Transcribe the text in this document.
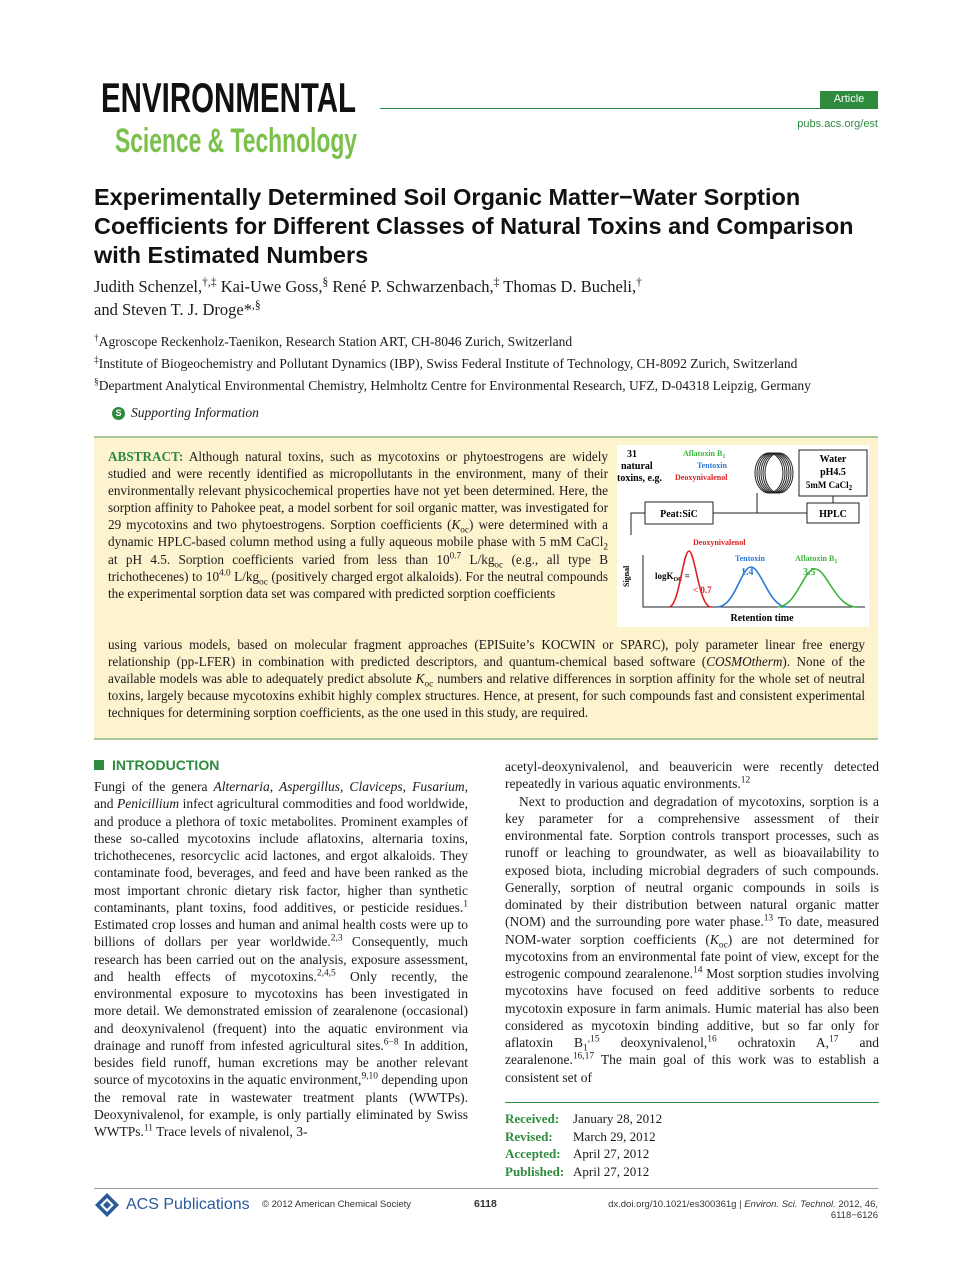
ENVIRONMENTAL
Science & Technology
Article
pubs.acs.org/est
Experimentally Determined Soil Organic Matter−Water Sorption Coefficients for Different Classes of Natural Toxins and Comparison with Estimated Numbers
Judith Schenzel,†,‡ Kai-Uwe Goss,§ René P. Schwarzenbach,‡ Thomas D. Bucheli,†
and Steven T. J. Droge*,§
†Agroscope Reckenholz-Taenikon, Research Station ART, CH-8046 Zurich, Switzerland
‡Institute of Biogeochemistry and Pollutant Dynamics (IBP), Swiss Federal Institute of Technology, CH-8092 Zurich, Switzerland
§Department Analytical Environmental Chemistry, Helmholtz Centre for Environmental Research, UFZ, D-04318 Leipzig, Germany
S Supporting Information
ABSTRACT: Although natural toxins, such as mycotoxins or phytoestrogens are widely studied and were recently identified as micropollutants in the environment, many of their environmentally relevant physicochemical properties have not yet been determined. Here, the sorption affinity to Pahokee peat, a model sorbent for soil organic matter, was investigated for 29 mycotoxins and two phytoestrogens. Sorption coefficients $(K_{oc})$ were determined with a dynamic HPLC-based column method using a fully aqueous mobile phase with 5 mM CaCl$_2$ at pH 4.5. Sorption coefficients varied from less than $10^{0.7}$ $L/kg_{oc}$ (e.g., all type B trichothecenes) to $10^{4.0}$ $L/kg_{oc}$ (positively charged ergot alkaloids). For the neutral compounds the experimental sorption data set was compared with predicted sorption coefficients
using various models, based on molecular fragment approaches (EPISuite’s KOCWIN or SPARC), poly parameter linear free energy relationship (pp-LFER) in combination with predicted descriptors, and quantum-chemical based software (COSMOtherm). None of the available models was able to adequately predict absolute $K_{oc}$ numbers and relative differences in sorption affinity for the whole set of neutral toxins, largely because mycotoxins exhibit highly complex structures. Hence, at present, for such compounds fast and consistent experimental techniques for determining sorption coefficients, as the one used in this study, are required.
31
natural
toxins, e.g.
Aflatoxin $B_1$
Tentoxin
Deoxynivalenol
Water
pH4.5
5mM CaCl$_2$
Peat:SiC	HPLC
Signal	logK$_{OC}$ =
Deoxynivalenol
Tentoxin	Aflatoxin $B_1$
< 0.7
1.4	3.5
Retention time
INTRODUCTION
Fungi of the genera Alternaria, Aspergillus, Claviceps, Fusarium, and Penicillium infect agricultural commodities and food worldwide, and produce a plethora of toxic metabolites. Prominent examples of these so-called mycotoxins include aflatoxins, alternaria toxins, trichothecenes, resorcyclic acid lactones, and ergot alkaloids. They contaminate food, beverages, and feed and have been ranked as the most important chronic dietary risk factor, higher than synthetic contaminants, plant toxins, food additives, or pesticide residues.$^1$ Estimated crop losses and human and animal health costs were up to billions of dollars per year worldwide.$^{2,3}$ Consequently, much research has been carried out on the analysis, exposure assessment, and health effects of mycotoxins.$^{2,4,5}$ Only recently, the environmental exposure to mycotoxins has been investigated in more detail. We demonstrated emission of zearalenone (occasional) and deoxynivalenol (frequent) into the aquatic environment via drainage and runoff from infested agricultural sites.$^{6-8}$ In addition, besides field runoff, human excretions may be another relevant source of mycotoxins in the aquatic environment,$^{9,10}$ depending upon the removal rate in wastewater treatment plants (WWTPs). Deoxynivalenol, for example, is only partially eliminated by Swiss WWTPs.$^{11}$ Trace levels of nivalenol, 3-
acetyl-deoxynivalenol, and beauvericin were recently detected repeatedly in various aquatic environments.$^{12}$
Next to production and degradation of mycotoxins, sorption is a key parameter for a comprehensive assessment of their environmental fate. Sorption controls transport processes, such as runoff or leaching to groundwater, as well as bioavailability to exposed biota, including microbial degraders of such compounds. Generally, sorption of neutral organic compounds in soils is dominated by their distribution between natural organic matter (NOM) and the surrounding pore water phase.$^{13}$ To date, measured NOM-water sorption coefficients $(K_{oc})$ are not determined for mycotoxins from an environmental fate point of view, except for the estrogenic compound zearalenone.$^{14}$ Most sorption studies involving mycotoxins have focused on feed additive sorbents to reduce mycotoxin exposure in farm animals. Humic material has also been considered as mycotoxin binding additive, but so far only for aflatoxin $B_1^{,15}$ deoxynivalenol,$^{16}$ ochratoxin A,$^{17}$ and zearalenone.$^{16,17}$ The main goal of this work was to establish a consistent set of
Received: January 28, 2012
Revised: March 29, 2012
Accepted: April 27, 2012
Published: April 27, 2012
ACS Publications © 2012 American Chemical Society	6118	dx.doi.org/10.1021/es300361g | Environ. Sci. Technol. 2012, 46, 6118−6126
